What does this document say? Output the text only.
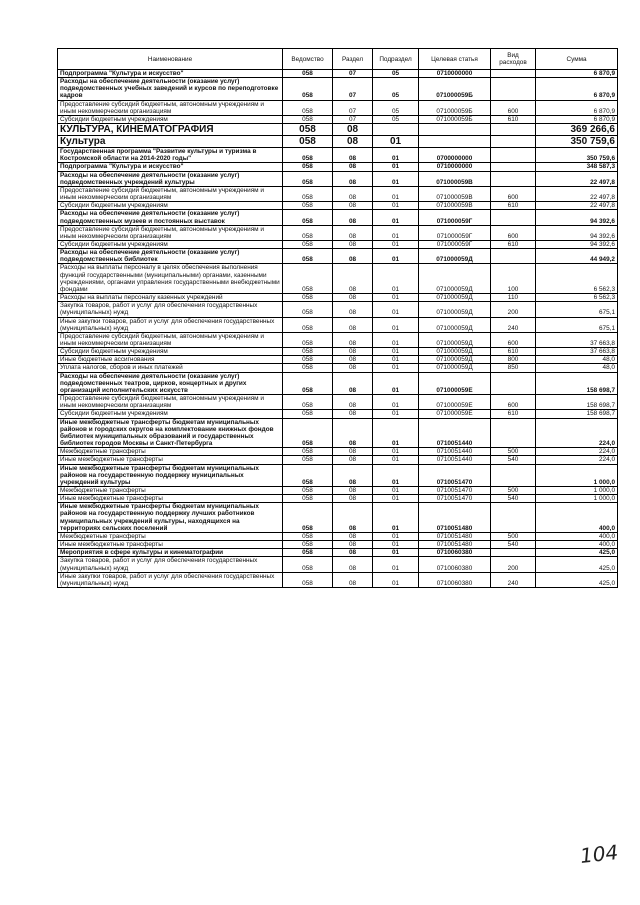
Наименование	Ведомство	Раздел	Подраздел	Целевая статья	Вид расходов	Сумма
Подпрограмма "Культура и искусство"	058	07	05	0710000000		6 870,9
Расходы на обеспечение деятельности (оказание услуг) подведомственных учебных заведений и курсов по переподготовке кадров	058	07	05	071000059Б		6 870,9
Предоставление субсидий бюджетным, автономным учреждениям и иным некоммерческим организациям	058	07	05	071000059Б	600	6 870,9
Субсидии бюджетным учреждениям	058	07	05	071000059Б	610	6 870,9
КУЛЬТУРА, КИНЕМАТОГРАФИЯ	058	08				369 266,6
Культура	058	08	01			350 759,6
Государственная программа "Развитие культуры и туризма в Костромской области на 2014-2020 годы"	058	08	01	0700000000		350 759,6
Подпрограмма "Культура и искусство"	058	08	01	0710000000		348 587,3
Расходы на обеспечение деятельности (оказание услуг) подведомственных учреждений культуры	058	08	01	071000059В		22 497,8
Предоставление субсидий бюджетным, автономным учреждениям и иным некоммерческим организациям	058	08	01	071000059В	600	22 497,8
Субсидии бюджетным учреждениям	058	08	01	071000059В	610	22 497,8
Расходы на обеспечение деятельности (оказание услуг) подведомственных музеев и постоянных выставок	058	08	01	071000059Г		94 392,6
Предоставление субсидий бюджетным, автономным учреждениям и иным некоммерческим организациям	058	08	01	071000059Г	600	94 392,6
Субсидии бюджетным учреждениям	058	08	01	071000059Г	610	94 392,6
Расходы на обеспечение деятельности (оказание услуг) подведомственных библиотек	058	08	01	071000059Д		44 949,2
Расходы на выплаты персоналу в целях обеспечения выполнения функций государственными (муниципальными) органами, казенными учреждениями, органами управления государственными внебюджетными фондами	058	08	01	071000059Д	100	6 562,3
Расходы на выплаты персоналу казенных учреждений	058	08	01	071000059Д	110	6 562,3
Закупка товаров, работ и услуг для обеспечения государственных (муниципальных) нужд	058	08	01	071000059Д	200	675,1
Иные закупки товаров, работ и услуг для обеспечения государственных (муниципальных) нужд	058	08	01	071000059Д	240	675,1
Предоставление субсидий бюджетным, автономным учреждениям и иным некоммерческим организациям	058	08	01	071000059Д	600	37 663,8
Субсидии бюджетным учреждениям	058	08	01	071000059Д	610	37 663,8
Иные бюджетные ассигнования	058	08	01	071000059Д	800	48,0
Уплата налогов, сборов и иных платежей	058	08	01	071000059Д	850	48,0
Расходы на обеспечение деятельности (оказание услуг) подведомственных театров, цирков, концертных и других организаций исполнительских искусств	058	08	01	071000059Е		158 698,7
Предоставление субсидий бюджетным, автономным учреждениям и иным некоммерческим организациям	058	08	01	071000059Е	600	158 698,7
Субсидии бюджетным учреждениям	058	08	01	071000059Е	610	158 698,7
Иные межбюджетные трансферты бюджетам муниципальных районов и городских округов на комплектование книжных фондов библиотек муниципальных образований и государственных библиотек городов Москвы и Санкт-Петербурга	058	08	01	0710051440		224,0
Межбюджетные трансферты	058	08	01	0710051440	500	224,0
Иные межбюджетные трансферты	058	08	01	0710051440	540	224,0
Иные межбюджетные трансферты бюджетам муниципальных районов на государственную поддержку муниципальных учреждений культуры	058	08	01	0710051470		1 000,0
Межбюджетные трансферты	058	08	01	0710051470	500	1 000,0
Иные межбюджетные трансферты	058	08	01	0710051470	540	1 000,0
Иные межбюджетные трансферты бюджетам муниципальных районов на государственную поддержку лучших работников муниципальных учреждений культуры, находящихся на территориях сельских поселений	058	08	01	0710051480		400,0
Межбюджетные трансферты	058	08	01	0710051480	500	400,0
Иные межбюджетные трансферты	058	08	01	0710051480	540	400,0
Мероприятия в сфере культуры и кинематографии	058	08	01	0710060380		425,0
Закупка товаров, работ и услуг для обеспечения государственных (муниципальных) нужд	058	08	01	0710060380	200	425,0
Иные закупки товаров, работ и услуг для обеспечения государственных (муниципальных) нужд	058	08	01	0710060380	240	425,0
104
